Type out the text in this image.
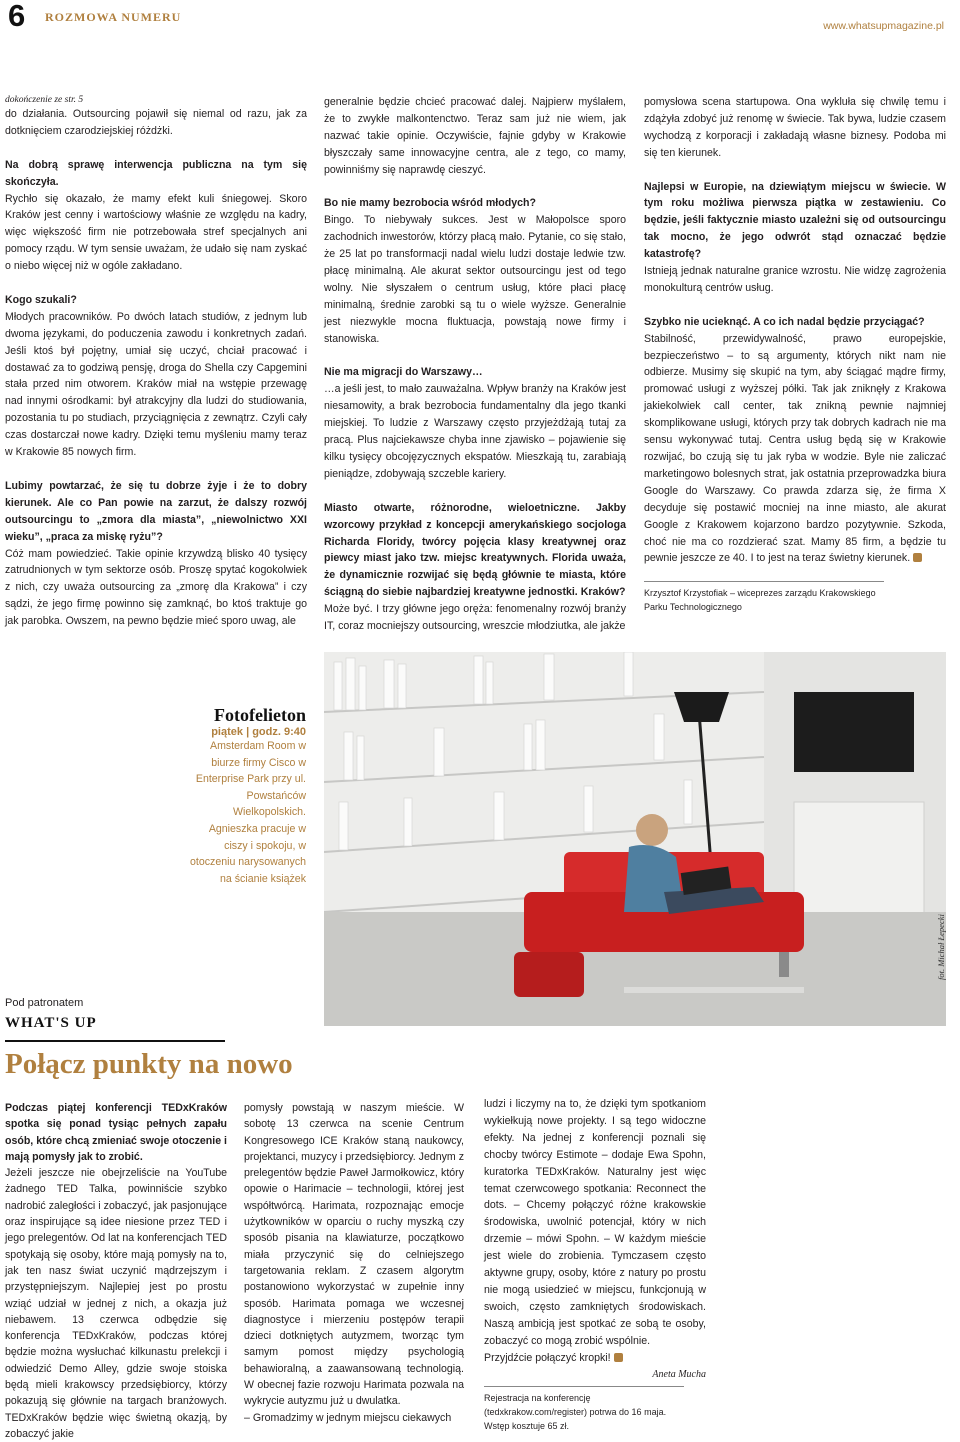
6 ROZMOWA NUMERU
www.whatsupmagazine.pl

dokończenie ze str. 5

do działania. Outsourcing pojawił się niemal od razu, jak za dotknięciem czarodziejskiej różdżki.

Na dobrą sprawę interwencja publiczna na tym się skończyła.

Rychło się okazało, że mamy efekt kuli śniegowej. Skoro Kraków jest cenny i wartościowy właśnie ze względu na kadry, więc większość firm nie potrzebowała stref specjalnych ani pomocy rządu. W tym sensie uważam, że udało się nam zyskać o niebo więcej niż w ogóle zakładano.

Kogo szukali?

Młodych pracowników. Po dwóch latach studiów, z jednym lub dwoma językami, do poduczenia zawodu i konkretnych zadań. Jeśli ktoś był pojętny, umiał się uczyć, chciał pracować i dostawać za to godziwą pensję, droga do Shella czy Capgemini stała przed nim otworem. Kraków miał na wstępie przewagę nad innymi ośrodkami: był atrakcyjny dla ludzi do studiowania, pozostania tu po studiach, przyciągnięcia z zewnątrz. Czyli cały czas dostarczał nowe kadry. Dzięki temu myśleniu mamy teraz w Krakowie 85 nowych firm.

Lubimy powtarzać, że się tu dobrze żyje i że to dobry kierunek. Ale co Pan powie na zarzut, że dalszy rozwój outsourcingu to „zmora dla miasta”, „niewolnictwo XXI wieku”, „praca za miskę ryżu”?

Cóż mam powiedzieć. Takie opinie krzywdzą blisko 40 tysięcy zatrudnionych w tym sektorze osób. Proszę spytać kogokolwiek z nich, czy uważa outsourcing za „zmorę dla Krakowa” i czy sądzi, że jego firmę powinno się zamknąć, bo ktoś traktuje go jak parobka. Owszem, na pewno będzie mieć sporo uwag, ale

generalnie będzie chcieć pracować dalej. Najpierw myślałem, że to zwykłe malkontenctwo. Teraz sam już nie wiem, jak nazwać takie opinie. Oczywiście, fajnie gdyby w Krakowie błyszczały same innowacyjne centra, ale z tego, co mamy, powinniśmy się naprawdę cieszyć.

Bo nie mamy bezrobocia wśród młodych?

Bingo. To niebywały sukces. Jest w Małopolsce sporo zachodnich inwestorów, którzy płacą mało. Pytanie, co się stało, że 25 lat po transformacji nadal wielu ludzi dostaje ledwie tzw. płacę minimalną. Ale akurat sektor outsourcingu jest od tego wolny. Nie słyszałem o centrum usług, które płaci płacę minimalną, średnie zarobki są tu o wiele wyższe. Generalnie jest niezwykle mocna fluktuacja, powstają nowe firmy i stanowiska.

Nie ma migracji do Warszawy…

…a jeśli jest, to mało zauważalna. Wpływ branży na Kraków jest niesamowity, a brak bezrobocia fundamentalny dla jego tkanki miejskiej. To ludzie z Warszawy często przyjeżdżają tutaj za pracą. Plus najciekawsze chyba inne zjawisko – pojawienie się kilku tysięcy obcojęzycznych ekspatów. Mieszkają tu, zarabiają pieniądze, zdobywają szczeble kariery.

Miasto otwarte, różnorodne, wielоetniczne. Jakby wzorcowy przykład z koncepcji amerykańskiego socjologa Richarda Floridy, twórcy pojęcia klasy kreatywnej oraz piewcy miast jako tzw. miejsc kreatywnych. Florida uważa, że dynamicznie rozwijać się będą głównie te miasta, które ściągną do siebie najbardziej kreatywne jednostki. Kraków?

Może być. I trzy główne jego oręża: fenomenalny rozwój branży IT, coraz mocniejszy outsourcing, wreszcie młodziutka, ale jakże

pomysłowa scena startupowa. Ona wykluła się chwilę temu i zdążyła zdobyć już renomę w świecie. Tak bywa, ludzie czasem wychodzą z korporacji i zakładają własne biznesy. Podoba mi się ten kierunek.

Najlepsi w Europie, na dziewiątym miejscu w świecie. W tym roku możliwa pierwsza piątka w zestawieniu. Co będzie, jeśli faktycznie miasto uzależni się od outsourcingu tak mocno, że jego odwrót stąd oznaczać będzie katastrofę?

Istnieją jednak naturalne granice wzrostu. Nie widzę zagrożenia monokulturą centrów usług.

Szybko nie ucieknąć. A co ich nadal będzie przyciągać?

Stabilność, przewidywalność, prawo europejskie, bezpieczeństwo – to są argumenty, których nikt nam nie odbierze. Musimy się skupić na tym, aby ściągać mądre firmy, promować usługi z wyższej półki. Tak jak zniknęły z Krakowa jakiekolwiek call center, tak znikną pewnie najmniej skomplikowane usługi, których przy tak dobrych kadrach nie ma sensu wykonywać tutaj. Centra usług będą się w Krakowie rozwijać, bo czują się tu jak ryba w wodzie. Byle nie zaliczać marketingowo bolesnych strat, jak ostatnia przeprowadzka biura Google do Warszawy. Co prawda zdarza się, że firma X decyduje się postawić mocniej na inne miasto, ale akurat Google z Krakowem kojarzono bardzo pozytywnie. Szkoda, choć nie ma co rozdzierać szat. Mamy 85 firm, a będzie tu pewnie jeszcze ze 40. I to jest na teraz świetny kierunek.

Krzysztof Krzystofiak – wiceprezes zarządu Krakowskiego Parku Technologicznego

fot. Michał Łepecki

Fotofelieton

piątek | godz. 9:40

Amsterdam Room w biurze firmy Cisco w Enterprise Park przy ul. Powstańców Wielkopolskich. Agnieszka pracuje w ciszy i spokoju, w otoczeniu narysowanych na ścianie książek

Pod patronatem
WHAT'S UP
Połącz punkty na nowo

Podczas piątej konferencji TEDxKraków spotka się ponad tysiąc pełnych zapału osób, które chcą zmieniać swoje otoczenie i mają pomysły jak to zrobić.

Jeżeli jeszcze nie obejrzeliście na YouTube żadnego TED Talka, powinniście szybko nadrobić zaległości i zobaczyć, jak pasjonujące oraz inspirujące są idee niesione przez TED i jego prelegentów. Od lat na konferencjach TED spotykają się osoby, które mają pomysły na to, jak ten nasz świat uczynić mądrzejszym i przystępniejszym. Najlepiej jest po prostu wziąć udział w jednej z nich, a okazja już niebawem. 13 czerwca odbędzie się konferencja TEDxKraków, podczas której będzie można wysłuchać kilkunastu prelekcji i odwiedzić Demo Alley, gdzie swoje stoiska będą mieli krakowscy przedsiębiorcy, którzy pokazują się głównie na targach branżowych. TEDxKraków będzie więc świetną okazją, by zobaczyć jakie

pomysły powstają w naszym mieście. W sobotę 13 czerwca na scenie Centrum Kongresowego ICE Kraków staną naukowcy, projektanci, muzycy i przedsiębiorcy. Jednym z prelegentów będzie Paweł Jarmołkowicz, który opowie o Harimacie – technologii, której jest współtwórcą. Harimata, rozpoznając emocje użytkowników w oparciu o ruchy myszką czy sposób pisania na klawiaturze, początkowo miała przyczynić się do celniejszego targetowania reklam. Z czasem algorytm postanowiono wykorzystać w zupełnie inny sposób. Harimata pomaga we wczesnej diagnostyce i mierzeniu postępów terapii dzieci dotkniętych autyzmem, tworząc tym samym pomost między psychologią behawioralną, a zaawansowaną technologią. W obecnej fazie rozwoju Harimata pozwala na wykrycie autyzmu już u dwulatka.

– Gromadzimy w jednym miejscu ciekawych

ludzi i liczymy na to, że dzięki tym spotkaniom wykiełkują nowe projekty. I są tego widoczne efekty. Na jednej z konferencji poznali się chocby twórcy Estimote – dodaje Ewa Spohn, kuratorka TEDxKraków. Naturalny jest więc temat czerwcowego spotkania: Reconnect the dots. – Chcemy połączyć różne krakowskie środowiska, uwolnić potencjał, który w nich drzemie – mówi Spohn. – W każdym mieście jest wiele do zrobienia. Tymczasem często aktywne grupy, osoby, które z natury po prostu nie mogą usiedzieć w miejscu, funkcjonują w swoich, często zamkniętych środowiskach. Naszą ambicją jest spotkać ze sobą te osoby, zobaczyć co mogą zrobić wspólnie.

Przyjdźcie połączyć kropki!

Aneta Mucha

Rejestracja na konferencję (tedxkrakow.com/register) potrwa do 16 maja. Wstęp kosztuje 65 zł.
